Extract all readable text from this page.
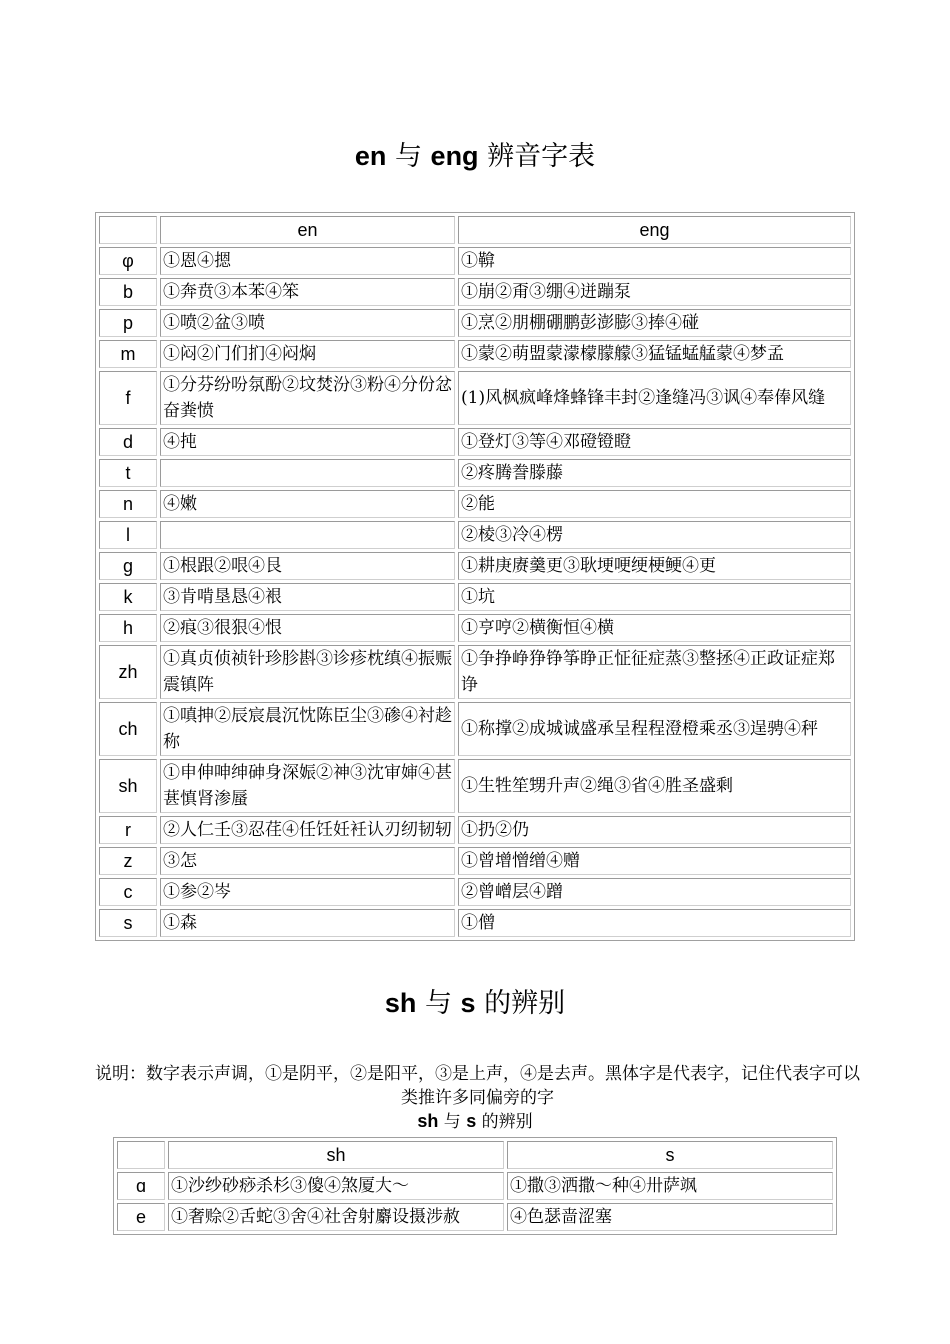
en 与 eng 辨音字表
	en	eng
φ	①恩④摁	①鞥
b	①奔贲③本苯④笨	①崩②甭③绷④迸蹦泵
p	①喷②盆③喷	①烹②朋棚硼鹏彭澎膨③捧④碰
m	①闷②门们扪④闷焖	①蒙②萌盟蒙濛檬朦艨③猛锰蜢艋蒙④梦孟
f	①分芬纷吩氛酚②坟焚汾③粉④分份忿奋粪愤	(1)风枫疯峰烽蜂锋丰封②逢缝冯③讽④奉俸风缝
d	④扽	①登灯③等④邓磴镫瞪
t		②疼腾誊滕藤
n	④嫩	②能
l		②棱③冷④楞
g	①根跟②哏④艮	①耕庚赓羹更③耿埂哽绠梗鲠④更
k	③肯啃垦恳④裉	①坑
h	②痕③很狠④恨	①亨哼②横衡恒④横
zh	①真贞侦祯针珍胗斟③诊疹枕缜④振赈震镇阵	①争挣峥狰铮筝睁正怔征症蒸③整拯④正政证症郑诤
ch	①嗔抻②辰宸晨沉忱陈臣尘③碜④衬趁称	①称撑②成城诚盛承呈程程澄橙乘丞③逞骋④秤
sh	①申伸呻绅砷身深娠②神③沈审婶④甚葚慎肾渗蜃	①生牲笙甥升声②绳③省④胜圣盛剩
r	②人仁壬③忍荏④任饪妊衽认刃纫韧轫	①扔②仍
z	③怎	①曾增憎缯④赠
c	①参②岑	②曾嶒层④蹭
s	①森	①僧
sh 与 s 的辨别
说明：数字表示声调，①是阴平，②是阳平，③是上声，④是去声。黑体字是代表字，记住代表字可以类推许多同偏旁的字
sh 与 s 的辨别
	sh	s
ɑ	①沙纱砂痧杀杉③傻④煞厦大～	①撒③洒撒～种④卅萨飒
e	①奢赊②舌蛇③舍④社舍射麝设摄涉赦	④色瑟啬涩塞
